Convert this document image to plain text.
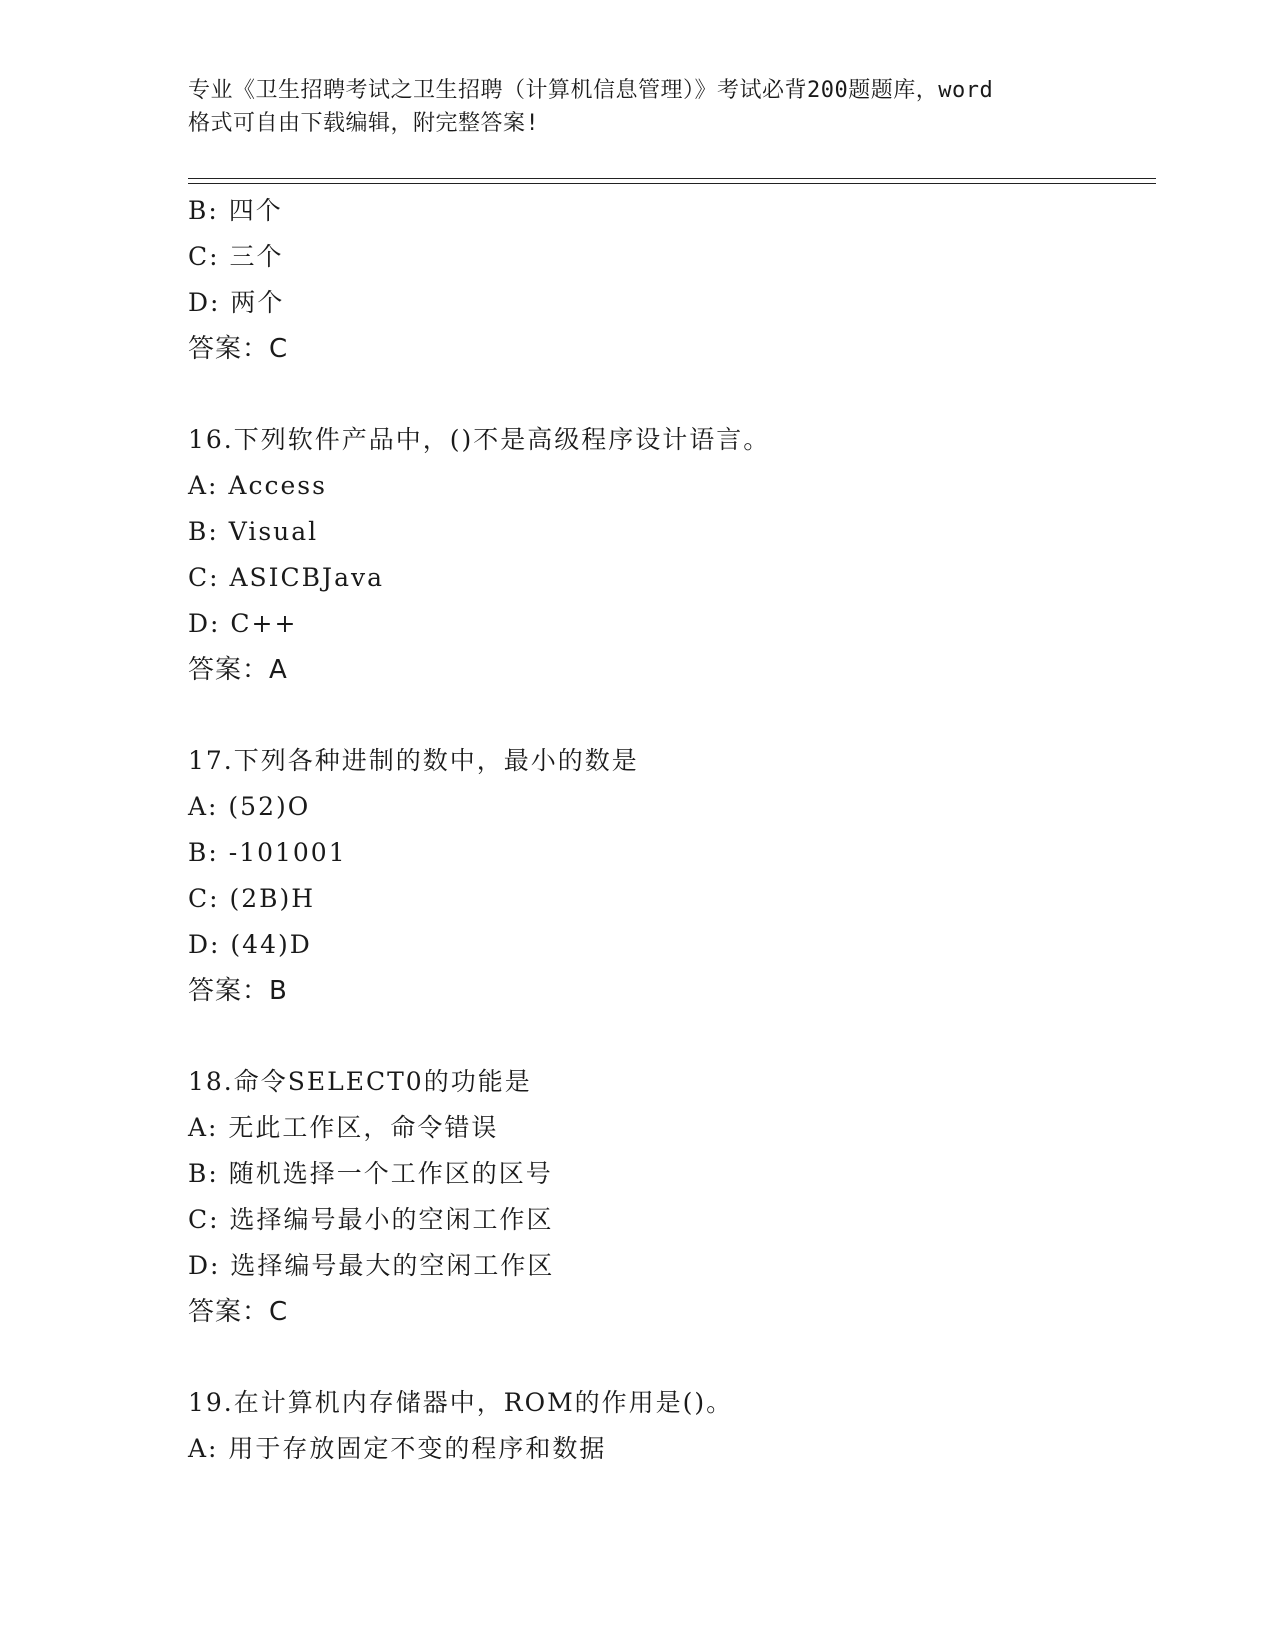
专业《卫生招聘考试之卫生招聘（计算机信息管理）》考试必背200题题库，word
格式可自由下载编辑，附完整答案!
B: 四个
C: 三个
D: 两个
答案：C
16.下列软件产品中，()不是高级程序设计语言。
A: Access
B: Visual
C: ASICBJava
D: C++
答案：A
17.下列各种进制的数中，最小的数是
A: (52)O
B: -101001
C: (2B)H
D: (44)D
答案：B
18.命令SELECT0的功能是
A: 无此工作区，命令错误
B: 随机选择一个工作区的区号
C: 选择编号最小的空闲工作区
D: 选择编号最大的空闲工作区
答案：C
19.在计算机内存储器中，ROM的作用是()。
A: 用于存放固定不变的程序和数据
